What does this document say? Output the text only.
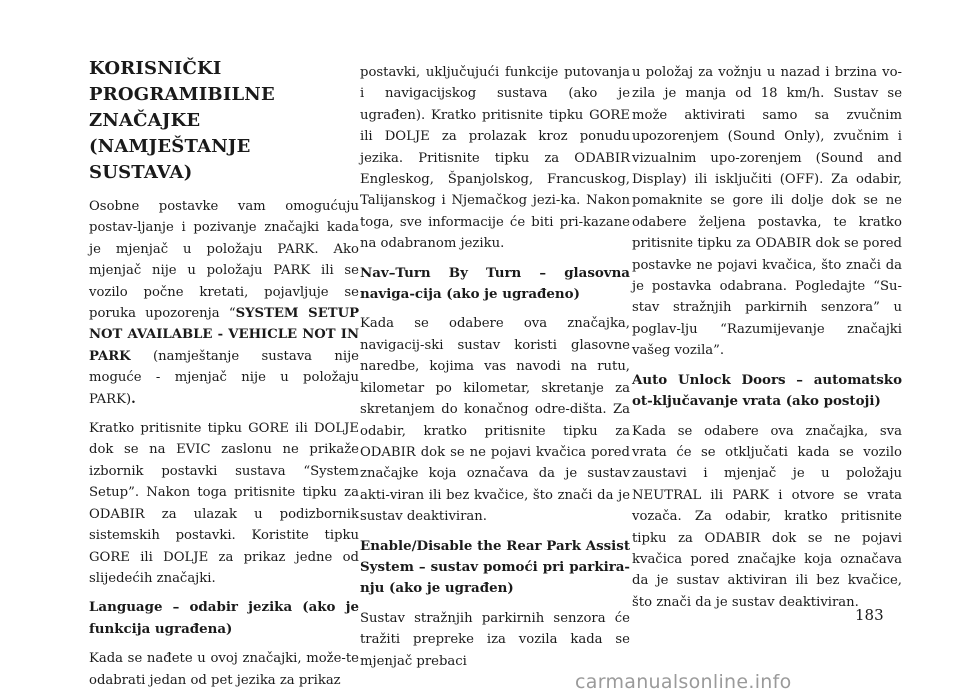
KORISNIČKI
PROGRAMIBILNE
ZNAČAJKE (NAMJEŠTANJE
SUSTAVA)

Osobne postavke vam omogućuju postav-ljanje i pozivanje značajki kada je mjenjač u položaju PARK. Ako mjenjač nije u položaju PARK ili se vozilo počne kretati, pojavljuje se poruka upozorenja “SYSTEM SETUP NOT AVAILABLE - VEHICLE NOT IN PARK (namještanje sustava nije moguće - mjenjač nije u položaju PARK).

Kratko pritisnite tipku GORE ili DOLJE dok se na EVIC zaslonu ne prikaže izbornik postavki sustava “System Setup”. Nakon toga pritisnite tipku za ODABIR za ulazak u podizbornik sistemskih postavki. Koristite tipku GORE ili DOLJE za prikaz jedne od slijedećih značajki.

Language – odabir jezika (ako je funkcija ugrađena)

Kada se nađete u ovoj značajki, može-te odabrati jedan od pet jezika za prikaz

postavki, uključujući funkcije putovanja i navigacijskog sustava (ako je ugrađen). Kratko pritisnite tipku GORE ili DOLJE za prolazak kroz ponudu jezika. Pritisnite tipku za ODABIR Engleskog, Španjolskog, Francuskog, Talijanskog i Njemačkog jezi-ka. Nakon toga, sve informacije će biti pri-kazane na odabranom jeziku.

Nav–Turn By Turn – glasovna naviga-cija (ako je ugrađeno)

Kada se odabere ova značajka, navigacij-ski sustav koristi glasovne naredbe, kojima vas navodi na rutu, kilometar po kilometar, skretanje za skretanjem do konačnog odre-dišta. Za odabir, kratko pritisnite tipku za ODABIR dok se ne pojavi kvačica pored značajke koja označava da je sustav akti-viran ili bez kvačice, što znači da je sustav deaktiviran.

Enable/Disable the Rear Park Assist System – sustav pomoći pri parkira-nju (ako je ugrađen)

Sustav stražnjih parkirnih senzora će tražiti prepreke iza vozila kada se mjenjač prebaci

u položaj za vožnju u nazad i brzina vo-zila je manja od 18 km/h. Sustav se može aktivirati samo sa zvučnim upozorenjem (Sound Only), zvučnim i vizualnim upo-zorenjem (Sound and Display) ili isključiti (OFF). Za odabir, pomaknite se gore ili dolje dok se ne odabere željena postavka, te kratko pritisnite tipku za ODABIR dok se pored postavke ne pojavi kvačica, što znači da je postavka odabrana. Pogledajte “Su-stav stražnjih parkirnih senzora” u poglav-lju “Razumijevanje značajki vašeg vozila”.

Auto Unlock Doors – automatsko ot-ključavanje vrata (ako postoji)

Kada se odabere ova značajka, sva vrata će se otključati kada se vozilo zaustavi i mjenjač je u položaju NEUTRAL ili PARK i otvore se vrata vozača. Za odabir, kratko pritisnite tipku za ODABIR dok se ne pojavi kvačica pored značajke koja označava da je sustav aktiviran ili bez kvačice, što znači da je sustav deaktiviran.

183
carmanualsonline.info
